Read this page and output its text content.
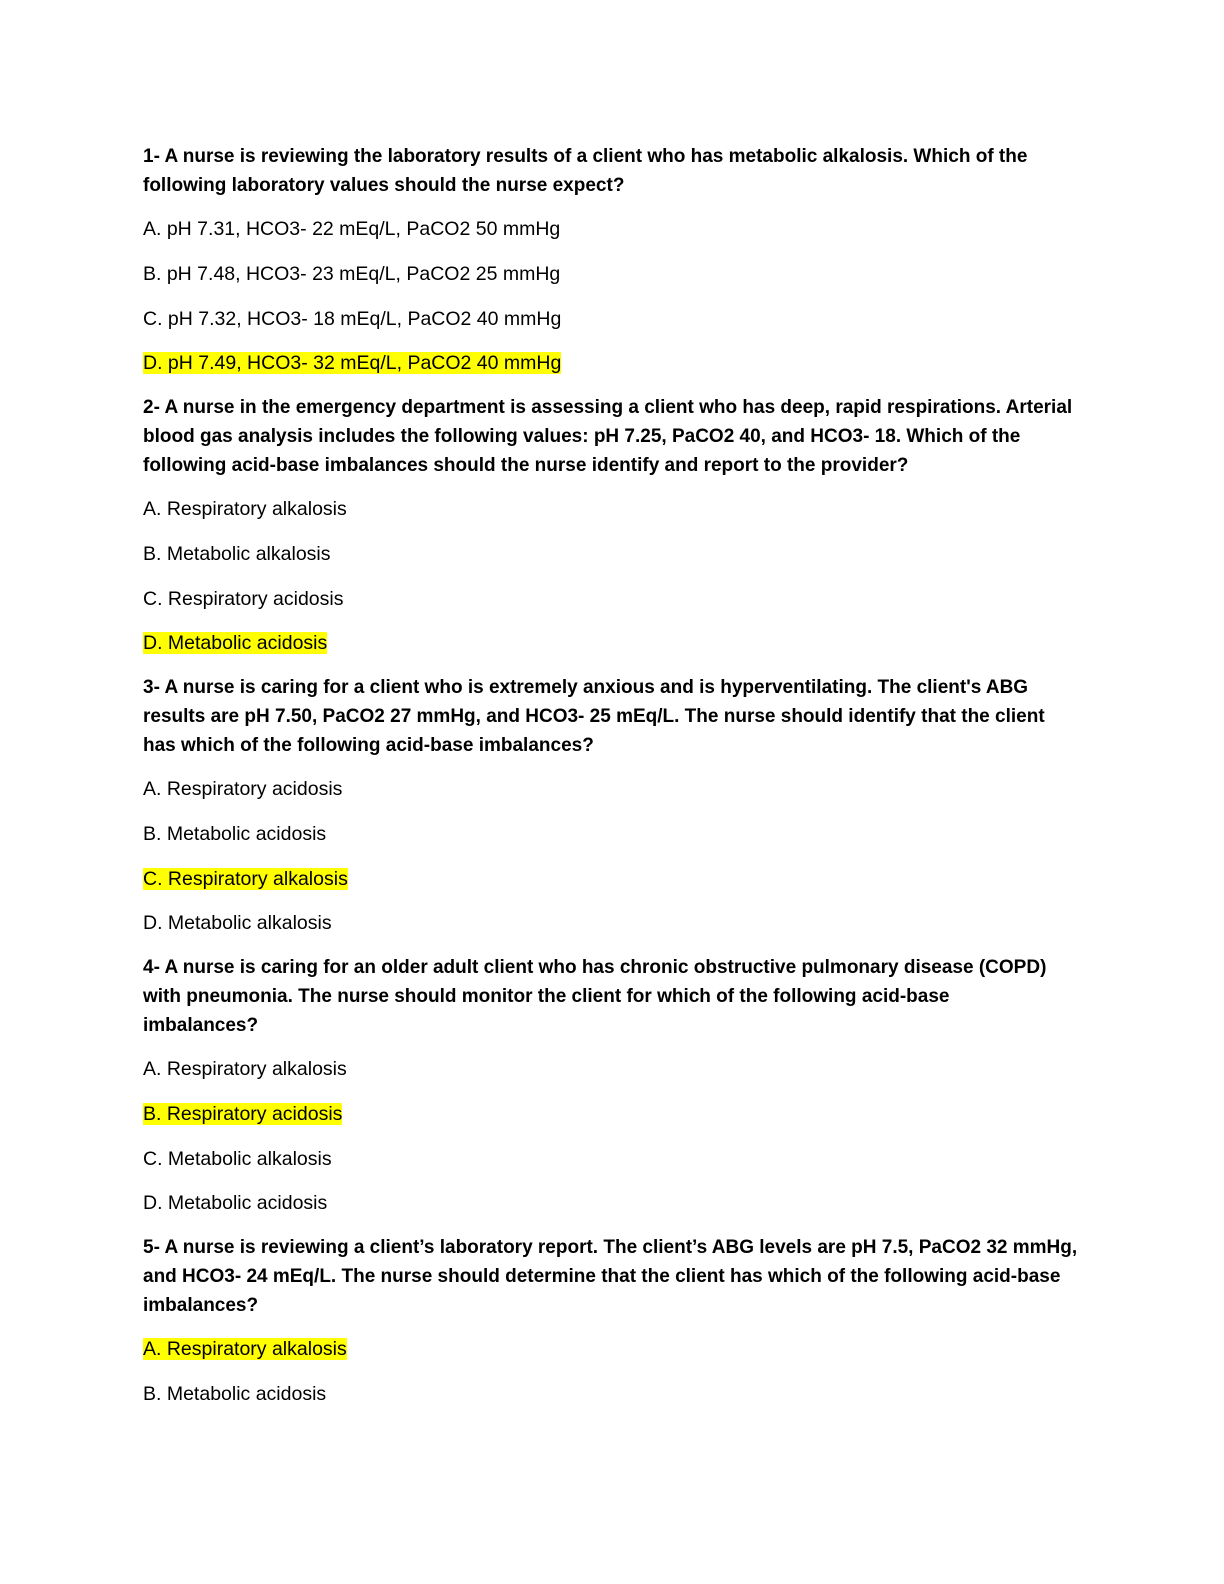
1- A nurse is reviewing the laboratory results of a client who has metabolic alkalosis. Which of the
following laboratory values should the nurse expect?
A. pH 7.31, HCO3- 22 mEq/L, PaCO2 50 mmHg
B. pH 7.48, HCO3- 23 mEq/L, PaCO2 25 mmHg
C. pH 7.32, HCO3- 18 mEq/L, PaCO2 40 mmHg
D. pH 7.49, HCO3- 32 mEq/L, PaCO2 40 mmHg
2- A nurse in the emergency department is assessing a client who has deep, rapid respirations. Arterial
blood gas analysis includes the following values: pH 7.25, PaCO2 40, and HCO3- 18. Which of the
following acid-base imbalances should the nurse identify and report to the provider?
A. Respiratory alkalosis
B. Metabolic alkalosis
C. Respiratory acidosis
D. Metabolic acidosis
3- A nurse is caring for a client who is extremely anxious and is hyperventilating. The client's ABG
results are pH 7.50, PaCO2 27 mmHg, and HCO3- 25 mEq/L. The nurse should identify that the client
has which of the following acid-base imbalances?
A. Respiratory acidosis
B. Metabolic acidosis
C. Respiratory alkalosis
D. Metabolic alkalosis
4- A nurse is caring for an older adult client who has chronic obstructive pulmonary disease (COPD)
with pneumonia. The nurse should monitor the client for which of the following acid-base
imbalances?
A. Respiratory alkalosis
B. Respiratory acidosis
C. Metabolic alkalosis
D. Metabolic acidosis
5- A nurse is reviewing a client’s laboratory report. The client’s ABG levels are pH 7.5, PaCO2 32 mmHg,
and HCO3- 24 mEq/L. The nurse should determine that the client has which of the following acid-base
imbalances?
A. Respiratory alkalosis
B. Metabolic acidosis
